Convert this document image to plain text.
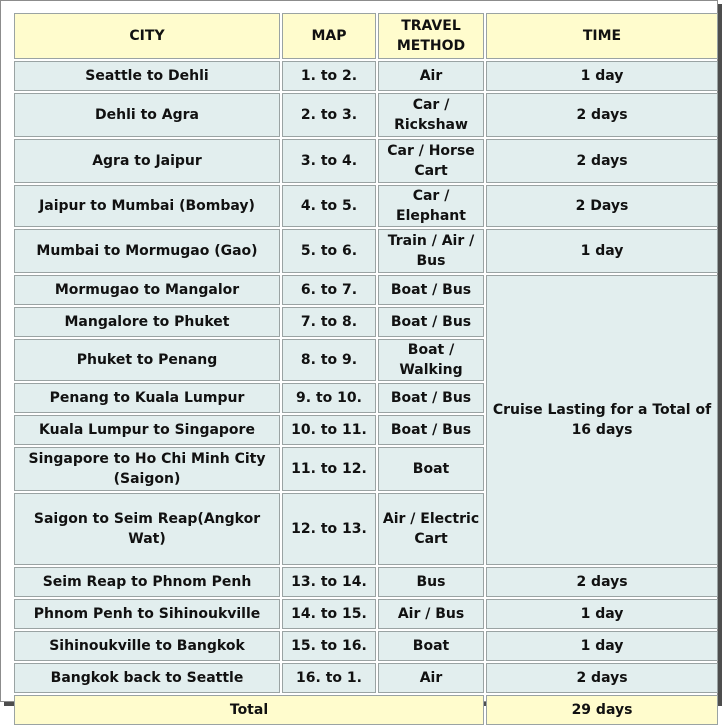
CITY	MAP	TRAVEL METHOD	TIME
Seattle to Dehli	1. to 2.	Air	1 day
Dehli to Agra	2. to 3.	Car / Rickshaw	2 days
Agra to Jaipur	3. to 4.	Car / Horse Cart	2 days
Jaipur to Mumbai (Bombay)	4. to 5.	Car / Elephant	2 Days
Mumbai to Mormugao (Gao)	5. to 6.	Train / Air / Bus	1 day
Mormugao to Mangalor	6. to 7.	Boat / Bus	Cruise Lasting for a Total of 16 days
Mangalore to Phuket	7. to 8.	Boat / Bus	
Phuket to Penang	8. to 9.	Boat / Walking	
Penang to Kuala Lumpur	9. to 10.	Boat / Bus	
Kuala Lumpur to Singapore	10. to 11.	Boat / Bus	
Singapore to Ho Chi Minh City (Saigon)	11. to 12.	Boat	
Saigon to Seim Reap(Angkor Wat)	12. to 13.	Air / Electric Cart	
Seim Reap to Phnom Penh	13. to 14.	Bus	2 days
Phnom Penh to Sihinoukville	14. to 15.	Air / Bus	1 day
Sihinoukville to Bangkok	15. to 16.	Boat	1 day
Bangkok back to Seattle	16. to 1.	Air	2 days
Total			29 days
